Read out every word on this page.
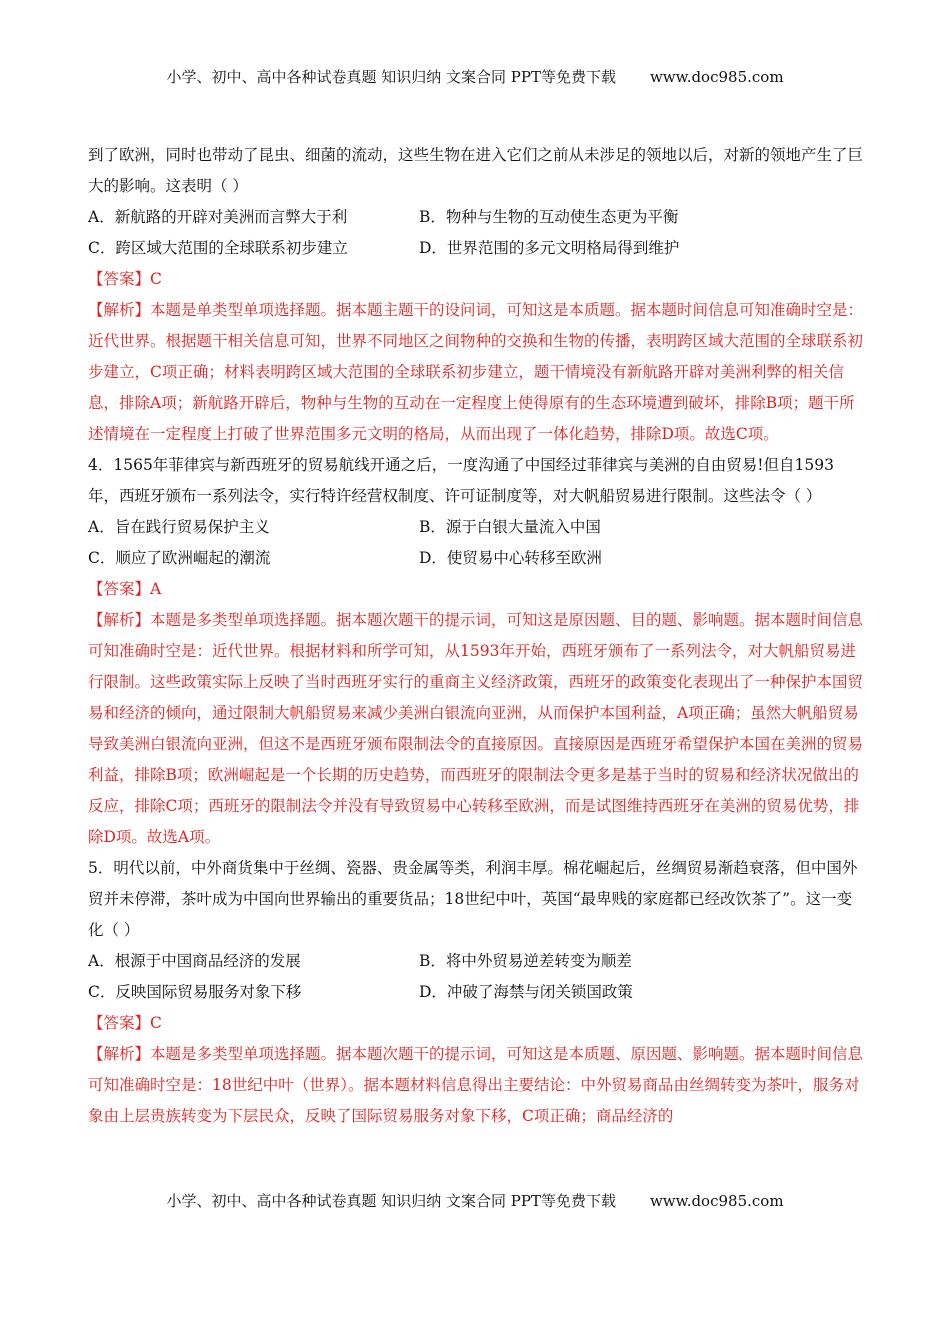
小学、初中、高中各种试卷真题 知识归纳 文案合同 PPT等免费下载 www.doc985.com

到了欧洲，同时也带动了昆虫、细菌的流动，这些生物在进入它们之前从未涉足的领地以后，对新的领地产生了巨大的影响。这表明（ ）

A．新航路的开辟对美洲而言弊大于利	B．物种与生物的互动使生态更为平衡
C．跨区域大范围的全球联系初步建立	D．世界范围的多元文明格局得到维护

【答案】C

【解析】本题是单类型单项选择题。据本题主题干的设问词，可知这是本质题。据本题时间信息可知准确时空是：近代世界。根据题干相关信息可知，世界不同地区之间物种的交换和生物的传播，表明跨区域大范围的全球联系初步建立，C项正确；材料表明跨区域大范围的全球联系初步建立，题干情境没有新航路开辟对美洲利弊的相关信息，排除A项；新航路开辟后，物种与生物的互动在一定程度上使得原有的生态环境遭到破坏，排除B项；题干所述情境在一定程度上打破了世界范围多元文明的格局，从而出现了一体化趋势，排除D项。故选C项。

4．1565年菲律宾与新西班牙的贸易航线开通之后，一度沟通了中国经过菲律宾与美洲的自由贸易!但自1593年，西班牙颁布一系列法令，实行特许经营权制度、许可证制度等，对大帆船贸易进行限制。这些法令（ ）

A．旨在践行贸易保护主义	B．源于白银大量流入中国
C．顺应了欧洲崛起的潮流	D．使贸易中心转移至欧洲

【答案】A

【解析】本题是多类型单项选择题。据本题次题干的提示词，可知这是原因题、目的题、影响题。据本题时间信息可知准确时空是：近代世界。根据材料和所学可知，从1593年开始，西班牙颁布了一系列法令，对大帆船贸易进行限制。这些政策实际上反映了当时西班牙实行的重商主义经济政策，西班牙的政策变化表现出了一种保护本国贸易和经济的倾向，通过限制大帆船贸易来减少美洲白银流向亚洲，从而保护本国利益，A项正确；虽然大帆船贸易导致美洲白银流向亚洲，但这不是西班牙颁布限制法令的直接原因。直接原因是西班牙希望保护本国在美洲的贸易利益，排除B项；欧洲崛起是一个长期的历史趋势，而西班牙的限制法令更多是基于当时的贸易和经济状况做出的反应，排除C项；西班牙的限制法令并没有导致贸易中心转移至欧洲，而是试图维持西班牙在美洲的贸易优势，排除D项。故选A项。

5．明代以前，中外商货集中于丝绸、瓷器、贵金属等类，利润丰厚。棉花崛起后，丝绸贸易渐趋衰落，但中国外贸并未停滞，茶叶成为中国向世界输出的重要货品；18世纪中叶，英国“最卑贱的家庭都已经改饮茶了”。这一变化（ ）

A．根源于中国商品经济的发展	B．将中外贸易逆差转变为顺差
C．反映国际贸易服务对象下移	D．冲破了海禁与闭关锁国政策

【答案】C

【解析】本题是多类型单项选择题。据本题次题干的提示词，可知这是本质题、原因题、影响题。据本题时间信息可知准确时空是：18世纪中叶（世界）。据本题材料信息得出主要结论：中外贸易商品由丝绸转变为茶叶，服务对象由上层贵族转变为下层民众，反映了国际贸易服务对象下移，C项正确；商品经济的

小学、初中、高中各种试卷真题 知识归纳 文案合同 PPT等免费下载 www.doc985.com
